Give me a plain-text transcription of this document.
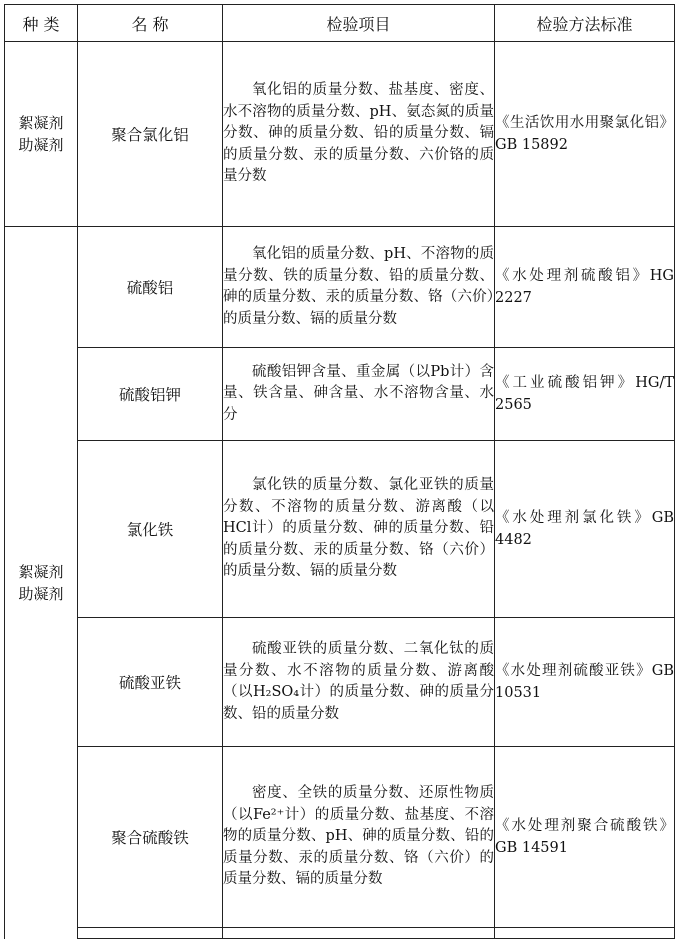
种 类	名 称	检验项目	检验方法标准

絮凝剂
助凝剂	聚合氯化铝	氧化铝的质量分数、盐基度、密度、水不溶物的质量分数、pH、氨态氮的质量分数、砷的质量分数、铅的质量分数、镉的质量分数、汞的质量分数、六价铬的质量分数	《生活饮用水用聚氯化铝》GB 15892

絮凝剂
助凝剂	硫酸铝	氧化铝的质量分数、pH、不溶物的质量分数、铁的质量分数、铅的质量分数、砷的质量分数、汞的质量分数、铬（六价）的质量分数、镉的质量分数	《水处理剂硫酸铝》HG 2227
	硫酸铝钾	硫酸铝钾含量、重金属（以Pb计）含量、铁含量、砷含量、水不溶物含量、水分	《工业硫酸铝钾》HG/T 2565
	氯化铁	氯化铁的质量分数、氯化亚铁的质量分数、不溶物的质量分数、游离酸（以HCl计）的质量分数、砷的质量分数、铅的质量分数、汞的质量分数、铬（六价）的质量分数、镉的质量分数	《水处理剂氯化铁》GB 4482
	硫酸亚铁	硫酸亚铁的质量分数、二氧化钛的质量分数、水不溶物的质量分数、游离酸（以H₂SO₄计）的质量分数、砷的质量分数、铅的质量分数	《水处理剂硫酸亚铁》GB 10531
	聚合硫酸铁	密度、全铁的质量分数、还原性物质（以Fe²⁺计）的质量分数、盐基度、不溶物的质量分数、pH、砷的质量分数、铅的质量分数、汞的质量分数、铬（六价）的质量分数、镉的质量分数	《水处理剂聚合硫酸铁》GB 14591
